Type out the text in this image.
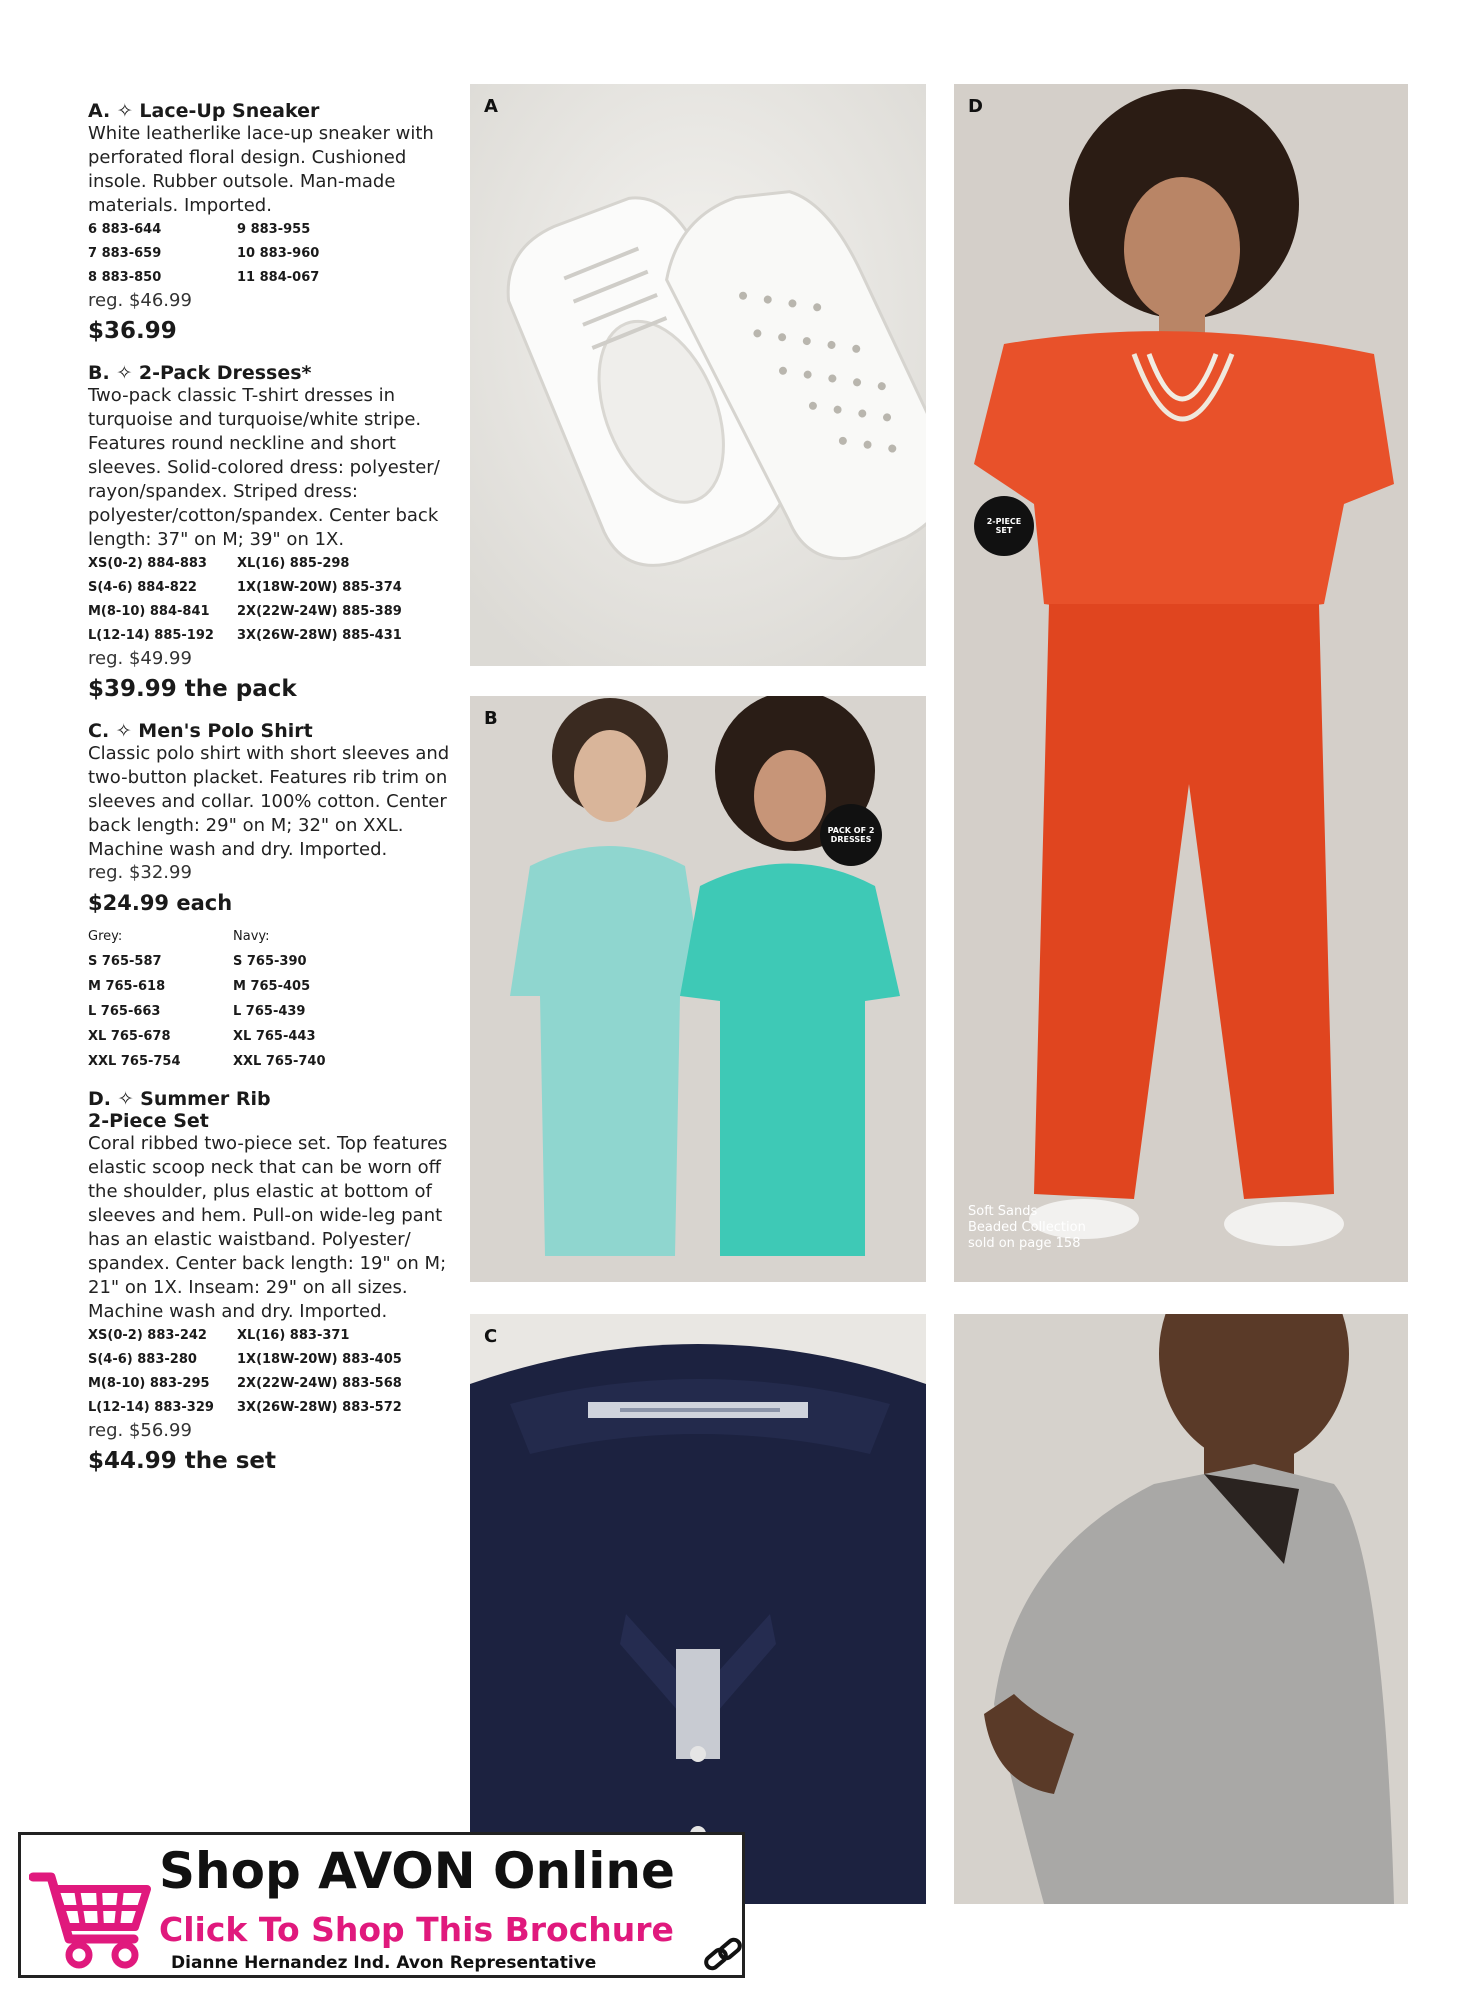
A. ✧ Lace-Up Sneaker

White leatherlike lace-up sneaker with perforated floral design. Cushioned insole. Rubber outsole. Man-made materials. Imported.

6 883-644	9 883-955
7 883-659	10 883-960
8 883-850	11 884-067
reg. $46.99
$36.99

B. ✧ 2-Pack Dresses*

Two-pack classic T-shirt dresses in turquoise and turquoise/white stripe. Features round neckline and short sleeves. Solid-colored dress: polyester/ rayon/spandex. Striped dress: polyester/cotton/spandex. Center back length: 37" on M; 39" on 1X.

XS(0-2) 884-883	XL(16) 885-298
S(4-6) 884-822	1X(18W-20W) 885-374
M(8-10) 884-841	2X(22W-24W) 885-389
L(12-14) 885-192	3X(26W-28W) 885-431
reg. $49.99
$39.99 the pack

C. ✧ Men's Polo Shirt

Classic polo shirt with short sleeves and two-button placket. Features rib trim on sleeves and collar. 100% cotton. Center back length: 29" on M; 32" on XXL. Machine wash and dry. Imported.

reg. $32.99
$24.99 each
Grey:	Navy:
S 765-587	S 765-390
M 765-618	M 765-405
L 765-663	L 765-439
XL 765-678	XL 765-443
XXL 765-754	XXL 765-740

D. ✧ Summer Rib

2-Piece Set

Coral ribbed two-piece set. Top features elastic scoop neck that can be worn off the shoulder, plus elastic at bottom of sleeves and hem. Pull-on wide-leg pant has an elastic waistband. Polyester/ spandex. Center back length: 19" on M; 21" on 1X. Inseam: 29" on all sizes. Machine wash and dry. Imported.

XS(0-2) 883-242	XL(16) 883-371
S(4-6) 883-280	1X(18W-20W) 883-405
M(8-10) 883-295	2X(22W-24W) 883-568
L(12-14) 883-329	3X(26W-28W) 883-572
reg. $56.99
$44.99 the set
A
B
PACK OF 2 DRESSES
C
D
2-PIECE SET
Soft Sands
Beaded Collection
sold on page 158
Shop AVON Online
Click To Shop This Brochure
Dianne Hernandez Ind. Avon Representative
